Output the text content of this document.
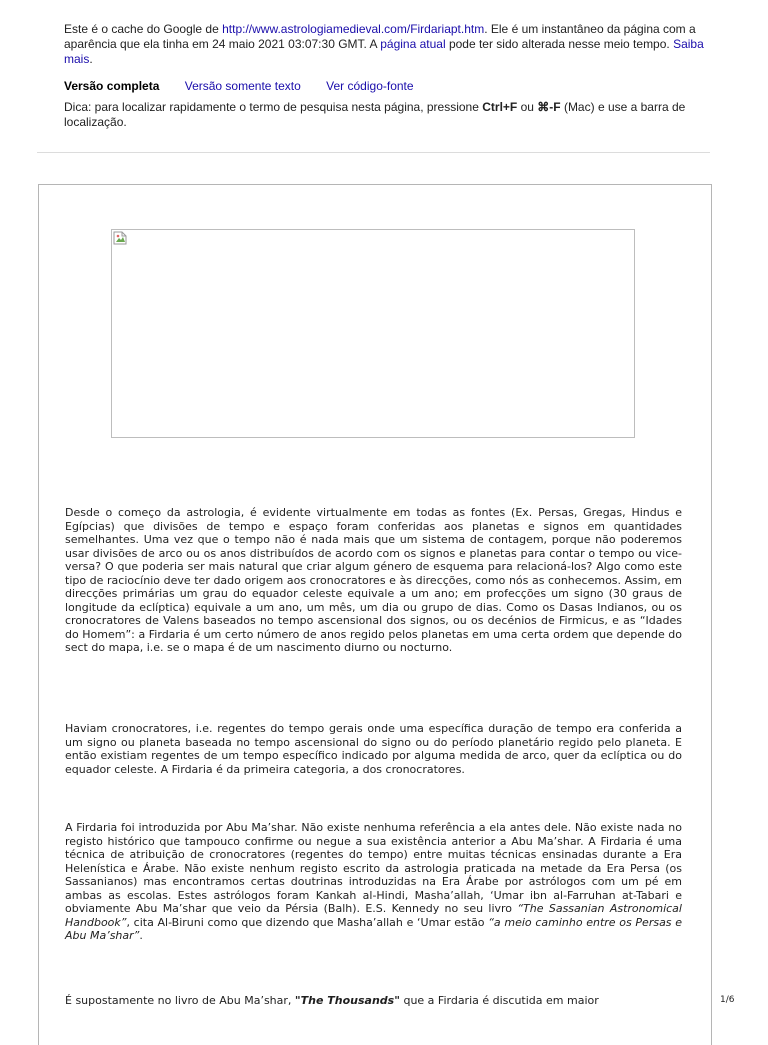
Este é o cache do Google de http://www.astrologiamedieval.com/Firdariapt.htm. Ele é um instantâneo da página com a aparência que ela tinha em 24 maio 2021 03:07:30 GMT. A página atual pode ter sido alterada nesse meio tempo. Saiba mais.

Versão completa Versão somente texto Ver código-fonte
Dica: para localizar rapidamente o termo de pesquisa nesta página, pressione Ctrl+F ou ⌘-F (Mac) e use a barra de localização.

Desde o começo da astrologia, é evidente virtualmente em todas as fontes (Ex. Persas, Gregas, Hindus e Egípcias) que divisões de tempo e espaço foram conferidas aos planetas e signos em quantidades semelhantes. Uma vez que o tempo não é nada mais que um sistema de contagem, porque não poderemos usar divisões de arco ou os anos distribuídos de acordo com os signos e planetas para contar o tempo ou vice-versa? O que poderia ser mais natural que criar algum género de esquema para relacioná-los? Algo como este tipo de raciocínio deve ter dado origem aos cronocratores e às direcções, como nós as conhecemos. Assim, em direcções primárias um grau do equador celeste equivale a um ano; em profecções um signo (30 graus de longitude da eclíptica) equivale a um ano, um mês, um dia ou grupo de dias. Como os Dasas Indianos, ou os cronocratores de Valens baseados no tempo ascensional dos signos, ou os decénios de Firmicus, e as “Idades do Homem”: a Firdaria é um certo número de anos regido pelos planetas em uma certa ordem que depende do sect do mapa, i.e. se o mapa é de um nascimento diurno ou nocturno.

Haviam cronocratores, i.e. regentes do tempo gerais onde uma específica duração de tempo era conferida a um signo ou planeta baseada no tempo ascensional do signo ou do período planetário regido pelo planeta. E então existiam regentes de um tempo específico indicado por alguma medida de arco, quer da eclíptica ou do equador celeste. A Firdaria é da primeira categoria, a dos cronocratores.

A Firdaria foi introduzida por Abu Ma’shar. Não existe nenhuma referência a ela antes dele. Não existe nada no registo histórico que tampouco confirme ou negue a sua existência anterior a Abu Ma’shar. A Firdaria é uma técnica de atribuição de cronocratores (regentes do tempo) entre muitas técnicas ensinadas durante a Era Helenística e Árabe. Não existe nenhum registo escrito da astrologia praticada na metade da Era Persa (os Sassanianos) mas encontramos certas doutrinas introduzidas na Era Árabe por astrólogos com um pé em ambas as escolas. Estes astrólogos foram Kankah al-Hindi, Masha’allah, ‘Umar ibn al-Farruhan at-Tabari e obviamente Abu Ma’shar que veio da Pérsia (Balh). E.S. Kennedy no seu livro “The Sassanian Astronomical Handbook”, cita Al-Biruni como que dizendo que Masha’allah e ‘Umar estão “a meio caminho entre os Persas e Abu Ma’shar”.

É supostamente no livro de Abu Ma’shar, "The Thousands" que a Firdaria é discutida em maior	1/6
